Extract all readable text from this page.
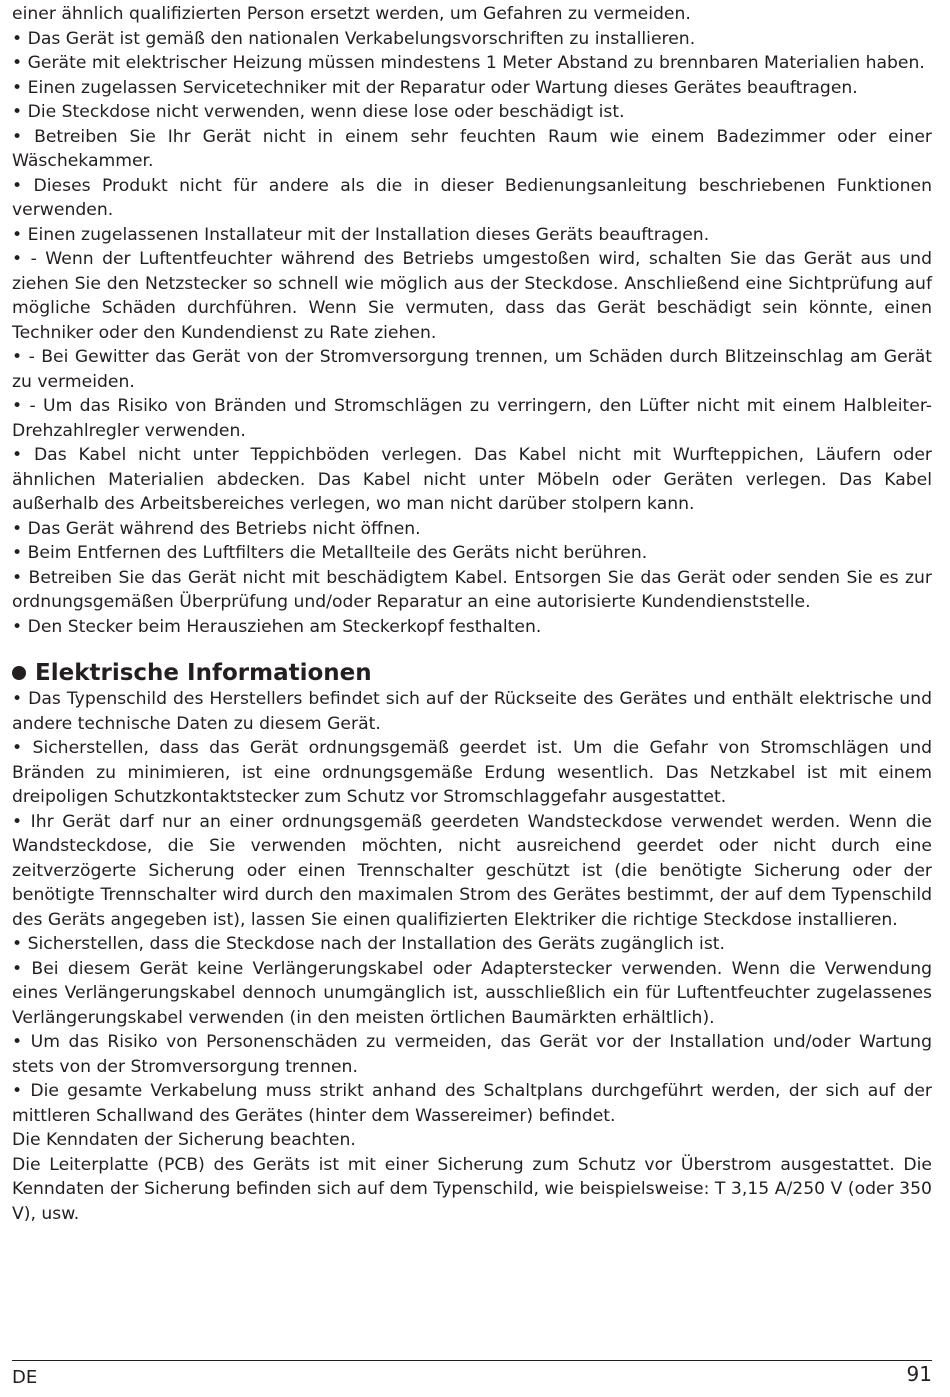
einer ähnlich qualifizierten Person ersetzt werden, um Gefahren zu vermeiden.

• Das Gerät ist gemäß den nationalen Verkabelungsvorschriften zu installieren.

• Geräte mit elektrischer Heizung müssen mindestens 1 Meter Abstand zu brennbaren Materialien haben.

• Einen zugelassen Servicetechniker mit der Reparatur oder Wartung dieses Gerätes beauftragen.

• Die Steckdose nicht verwenden, wenn diese lose oder beschädigt ist.

• Betreiben Sie Ihr Gerät nicht in einem sehr feuchten Raum wie einem Badezimmer oder einer Wäschekammer.

• Dieses Produkt nicht für andere als die in dieser Bedienungsanleitung beschriebenen Funktionen verwenden.

• Einen zugelassenen Installateur mit der Installation dieses Geräts beauftragen.

• - Wenn der Luftentfeuchter während des Betriebs umgestoßen wird, schalten Sie das Gerät aus und ziehen Sie den Netzstecker so schnell wie möglich aus der Steckdose. Anschließend eine Sichtprüfung auf mögliche Schäden durchführen. Wenn Sie vermuten, dass das Gerät beschädigt sein könnte, einen Techniker oder den Kundendienst zu Rate ziehen.

• - Bei Gewitter das Gerät von der Stromversorgung trennen, um Schäden durch Blitzeinschlag am Gerät zu vermeiden.

• - Um das Risiko von Bränden und Stromschlägen zu verringern, den Lüfter nicht mit einem Halbleiter-Drehzahlregler verwenden.

• Das Kabel nicht unter Teppichböden verlegen. Das Kabel nicht mit Wurfteppichen, Läufern oder ähnlichen Materialien abdecken. Das Kabel nicht unter Möbeln oder Geräten verlegen. Das Kabel außerhalb des Arbeitsbereiches verlegen, wo man nicht darüber stolpern kann.

• Das Gerät während des Betriebs nicht öffnen.

• Beim Entfernen des Luftfilters die Metallteile des Geräts nicht berühren.

• Betreiben Sie das Gerät nicht mit beschädigtem Kabel. Entsorgen Sie das Gerät oder senden Sie es zur ordnungsgemäßen Überprüfung und/oder Reparatur an eine autorisierte Kundendienststelle.

• Den Stecker beim Herausziehen am Steckerkopf festhalten.

Elektrische Informationen

• Das Typenschild des Herstellers befindet sich auf der Rückseite des Gerätes und enthält elektrische und andere technische Daten zu diesem Gerät.

• Sicherstellen, dass das Gerät ordnungsgemäß geerdet ist. Um die Gefahr von Stromschlägen und Bränden zu minimieren, ist eine ordnungsgemäße Erdung wesentlich. Das Netzkabel ist mit einem dreipoligen Schutzkontaktstecker zum Schutz vor Stromschlaggefahr ausgestattet.

• Ihr Gerät darf nur an einer ordnungsgemäß geerdeten Wandsteckdose verwendet werden. Wenn die Wandsteckdose, die Sie verwenden möchten, nicht ausreichend geerdet oder nicht durch eine zeitverzögerte Sicherung oder einen Trennschalter geschützt ist (die benötigte Sicherung oder der benötigte Trennschalter wird durch den maximalen Strom des Gerätes bestimmt, der auf dem Typenschild des Geräts angegeben ist), lassen Sie einen qualifizierten Elektriker die richtige Steckdose installieren.

• Sicherstellen, dass die Steckdose nach der Installation des Geräts zugänglich ist.

• Bei diesem Gerät keine Verlängerungskabel oder Adapterstecker verwenden. Wenn die Verwendung eines Verlängerungskabel dennoch unumgänglich ist, ausschließlich ein für Luftentfeuchter zugelassenes Verlängerungskabel verwenden (in den meisten örtlichen Baumärkten erhältlich).

• Um das Risiko von Personenschäden zu vermeiden, das Gerät vor der Installation und/oder Wartung stets von der Stromversorgung trennen.

• Die gesamte Verkabelung muss strikt anhand des Schaltplans durchgeführt werden, der sich auf der mittleren Schallwand des Gerätes (hinter dem Wassereimer) befindet.

Die Kenndaten der Sicherung beachten.

Die Leiterplatte (PCB) des Geräts ist mit einer Sicherung zum Schutz vor Überstrom ausgestattet. Die Kenndaten der Sicherung befinden sich auf dem Typenschild, wie beispielsweise: T 3,15 A/250 V (oder 350 V), usw.

DE	91
